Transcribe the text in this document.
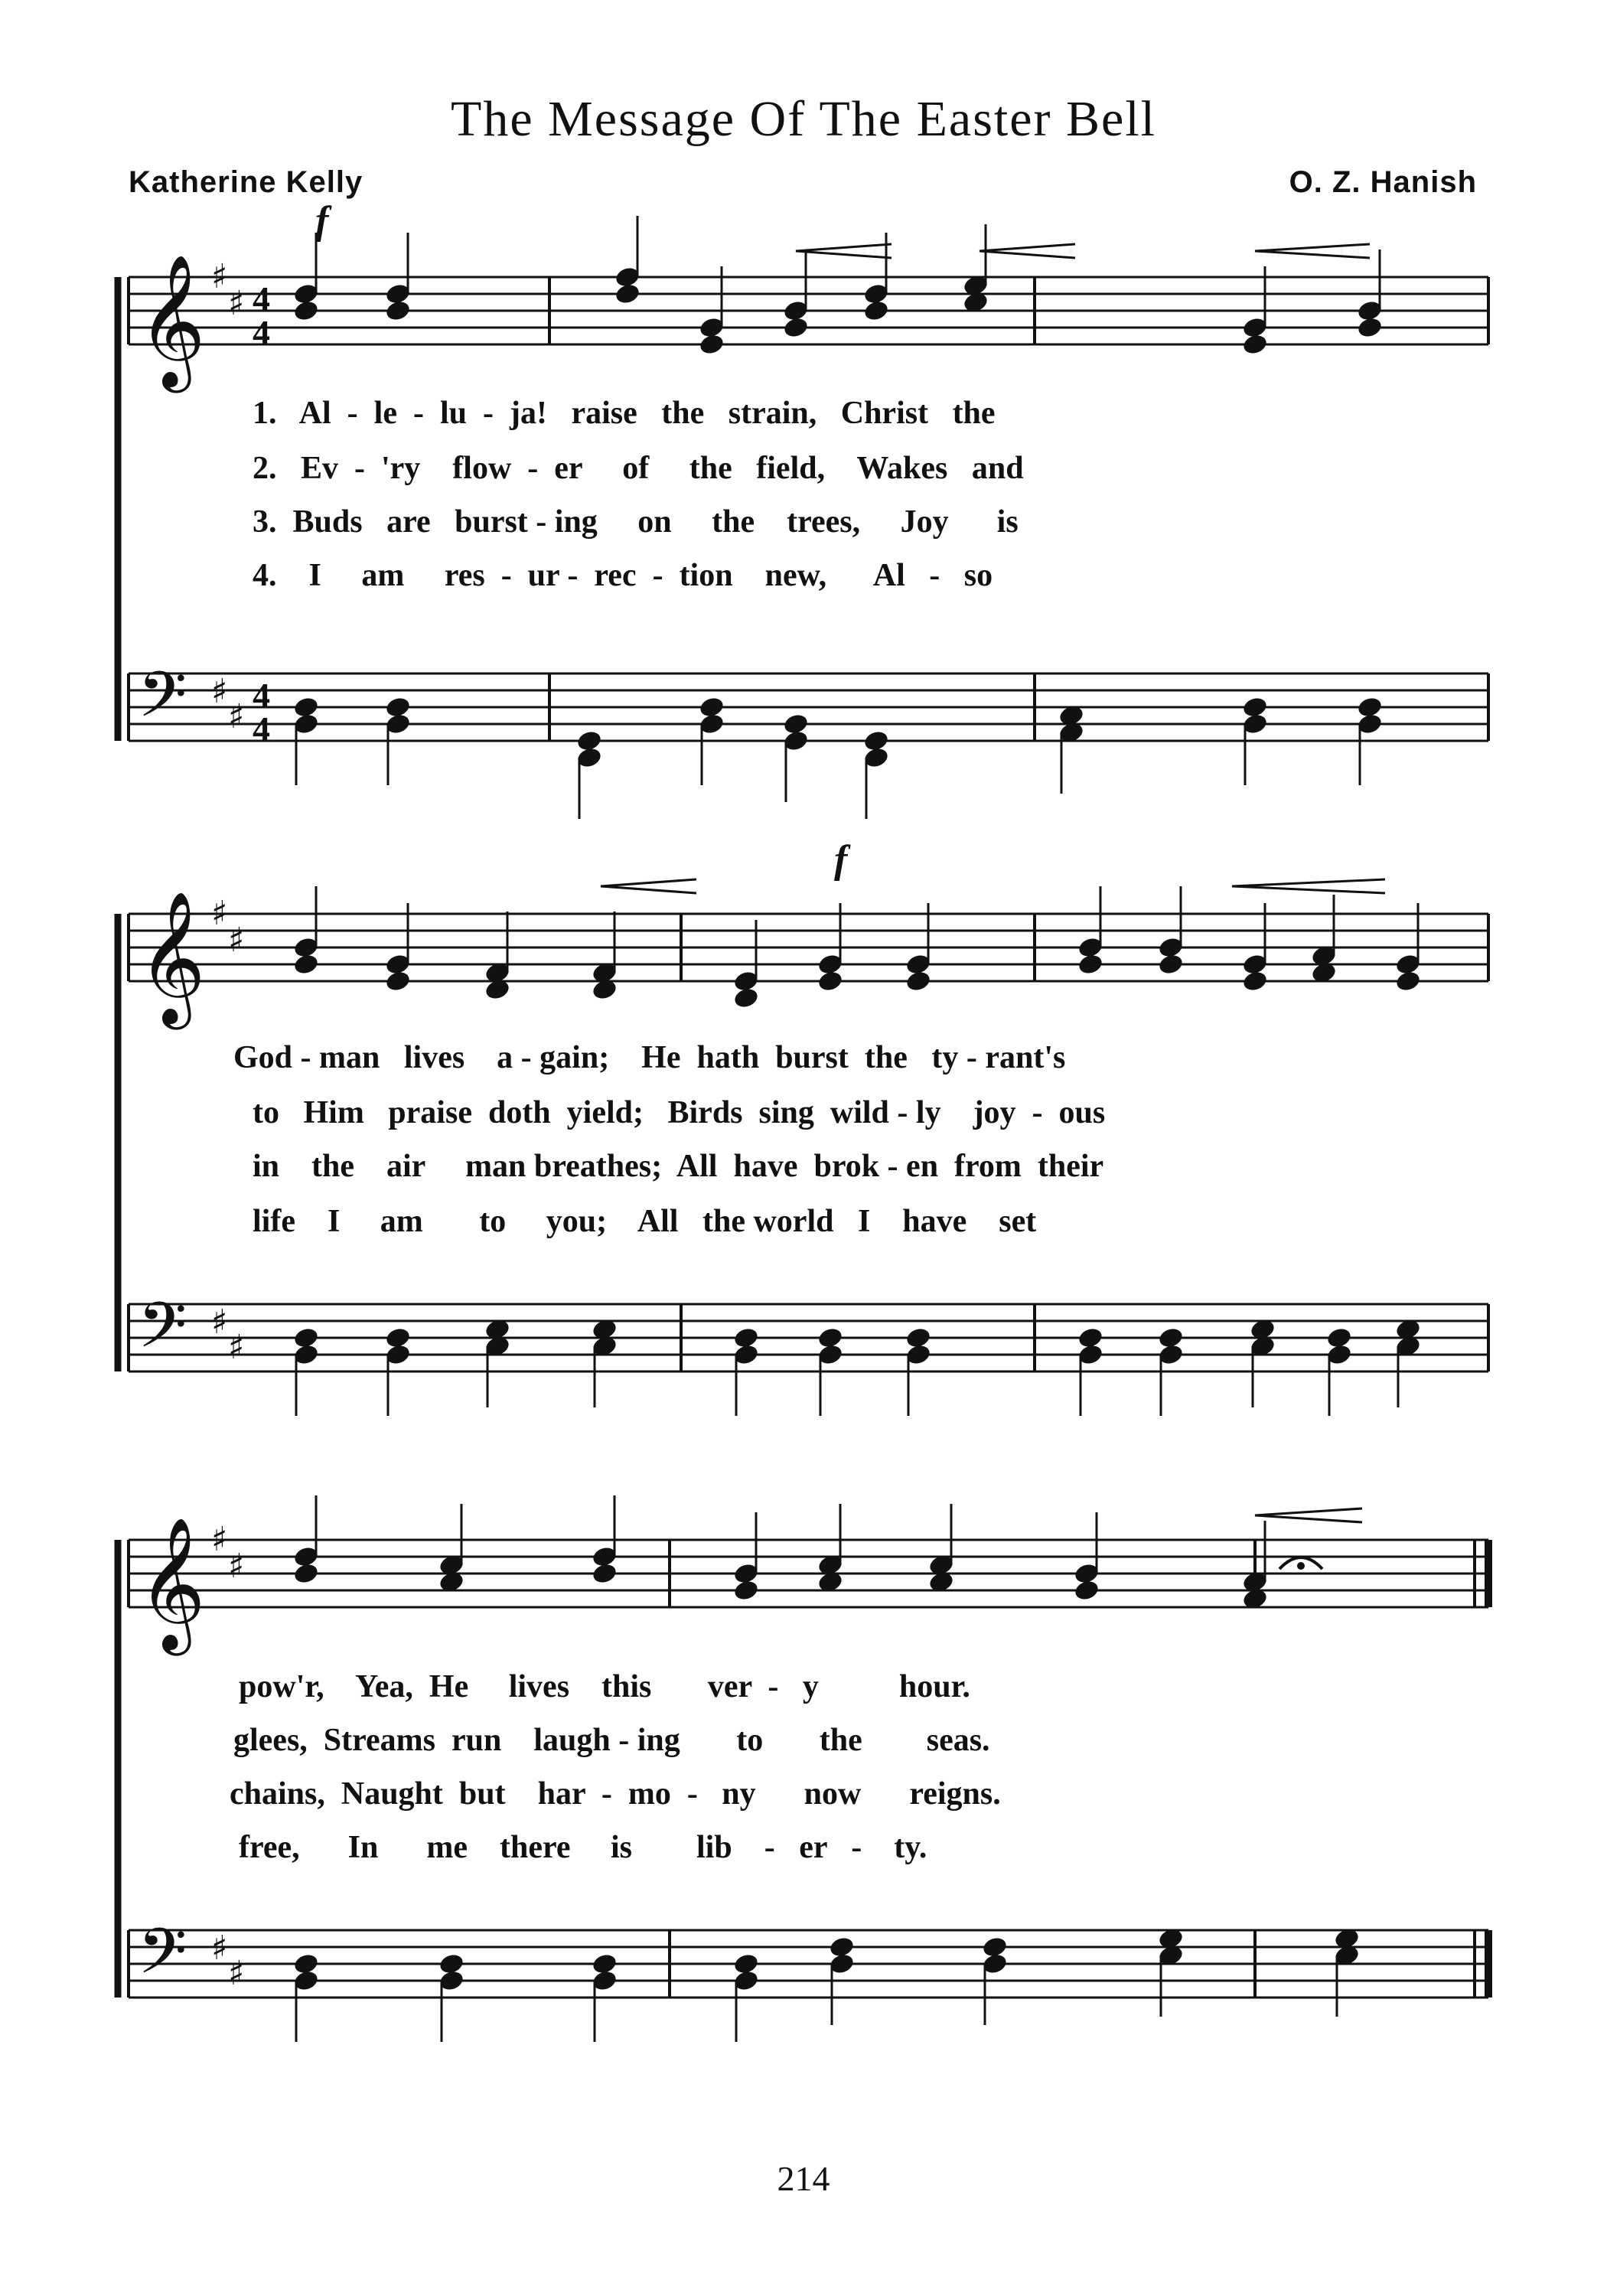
The Message Of The Easter Bell
Katherine Kelly	O. Z. Hanish
𝄞 ♯
♯ 4
4
𝄢 ♯
♯
4
4
𝄞 ♯
♯
𝄢 ♯
♯
𝄞 ♯
♯
𝄢 ♯
♯
f
f
1.   Al  -  le  -  lu  -  ja!   raise   the   strain,   Christ   the
2.   Ev  -  'ry    flow  -  er     of     the   field,    Wakes   and
3.  Buds   are   burst - ing     on     the    trees,     Joy      is
4.    I     am     res  -  ur -  rec  -  tion    new,      Al   -   so
God - man   lives    a - gain;    He  hath  burst  the   ty - rant's
to   Him   praise  doth  yield;   Birds  sing  wild - ly    joy  -  ous
in    the    air     man breathes;  All  have  brok - en  from  their
life    I     am       to     you;    All   the world   I    have    set
pow'r,    Yea,  He     lives    this       ver  -   y          hour.
glees,  Streams  run    laugh - ing       to       the        seas.
chains,  Naught  but    har  -  mo  -   ny      now      reigns.
free,      In      me    there     is        lib    -   er   -    ty.
214
